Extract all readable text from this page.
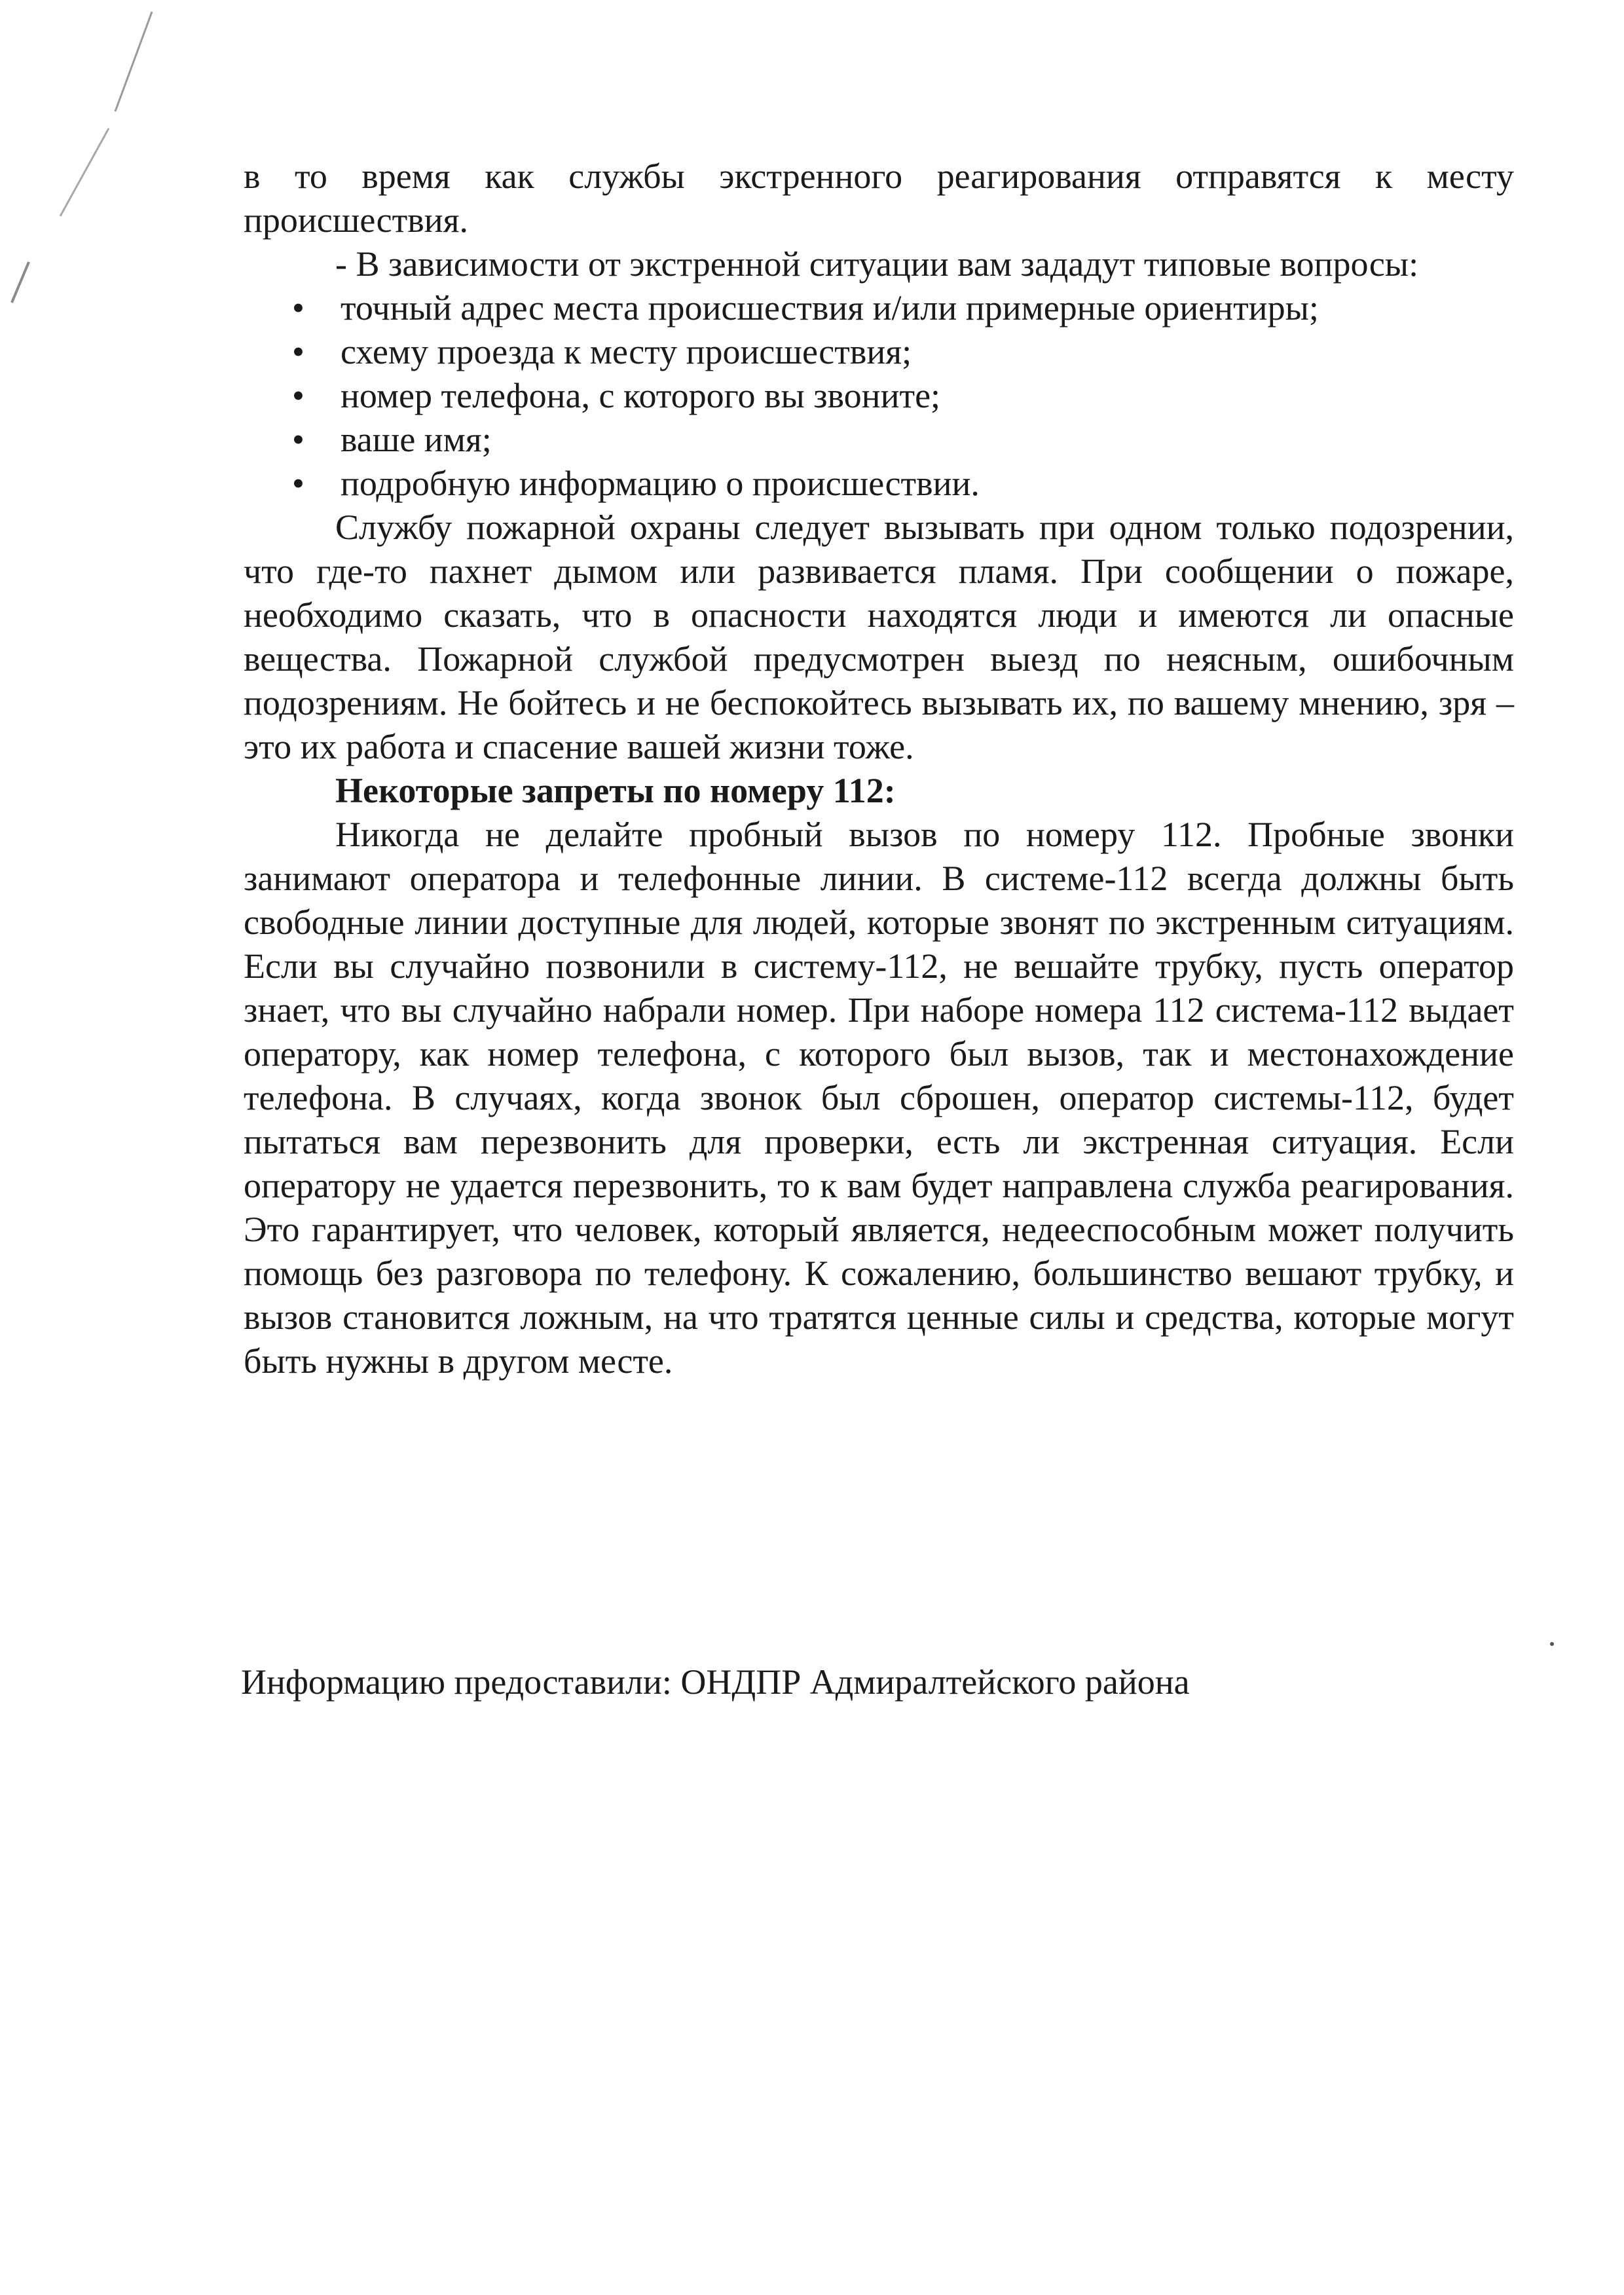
в то время как службы экстренного реагирования отправятся к месту происшествия.

- В зависимости от экстренной ситуации вам зададут типовые вопросы:

• точный адрес места происшествия и/или примерные ориентиры;
• схему проезда к месту происшествия;
• номер телефона, с которого вы звоните;
• ваше имя;
• подробную информацию о происшествии.

Службу пожарной охраны следует вызывать при одном только подозрении, что где-то пахнет дымом или развивается пламя. При сообщении о пожаре, необходимо сказать, что в опасности находятся люди и имеются ли опасные вещества. Пожарной службой предусмотрен выезд по неясным, ошибочным подозрениям. Не бойтесь и не беспокойтесь вызывать их, по вашему мнению, зря – это их работа и спасение вашей жизни тоже.

Некоторые запреты по номеру 112:

Никогда не делайте пробный вызов по номеру 112. Пробные звонки занимают оператора и телефонные линии. В системе-112 всегда должны быть свободные линии доступные для людей, которые звонят по экстренным ситуациям. Если вы случайно позвонили в систему-112, не вешайте трубку, пусть оператор знает, что вы случайно набрали номер. При наборе номера 112 система-112 выдает оператору, как номер телефона, с которого был вызов, так и местонахождение телефона. В случаях, когда звонок был сброшен, оператор системы-112, будет пытаться вам перезвонить для проверки, есть ли экстренная ситуация. Если оператору не удается перезвонить, то к вам будет направлена служба реагирования. Это гарантирует, что человек, который является, недееспособным может получить помощь без разговора по телефону. К сожалению, большинство вешают трубку, и вызов становится ложным, на что тратятся ценные силы и средства, которые могут быть нужны в другом месте.

Информацию предоставили: ОНДПР Адмиралтейского района
